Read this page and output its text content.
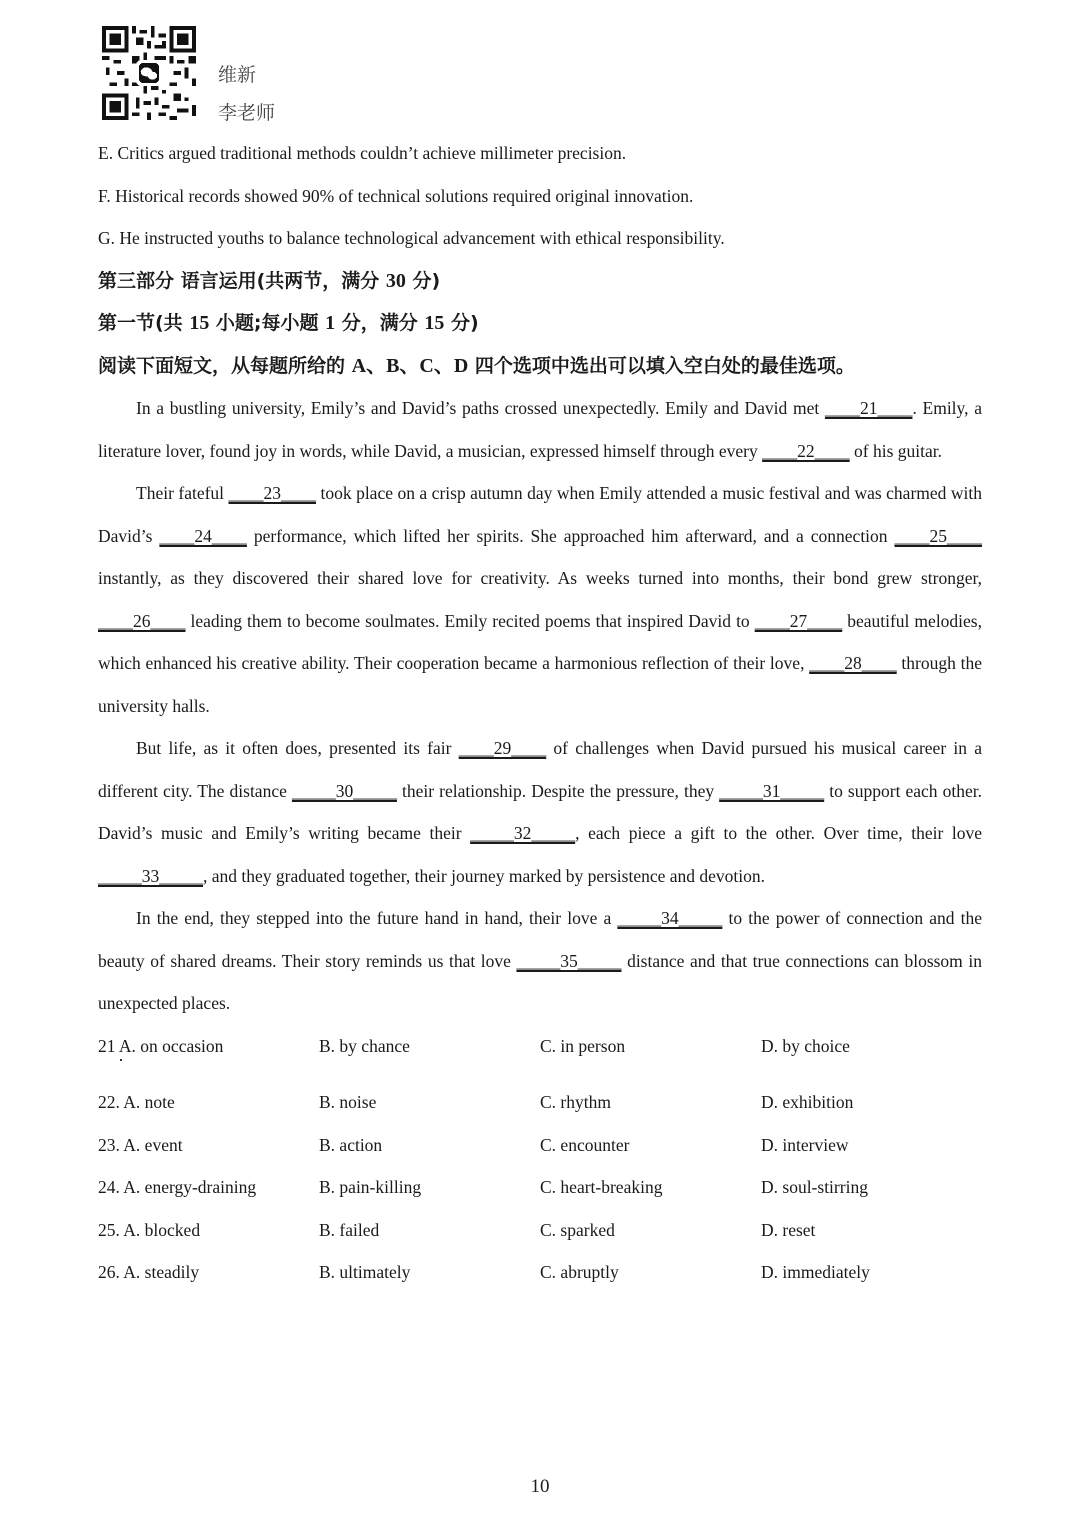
维新
李老师
E. Critics argued traditional methods couldn’t achieve millimeter precision.
F. Historical records showed 90% of technical solutions required original innovation.
G. He instructed youths to balance technological advancement with ethical responsibility.
第三部分 语言运用(共两节，满分 30 分)
第一节(共 15 小题;每小题 1 分，满分 15 分)
阅读下面短文，从每题所给的 A、B、C、D 四个选项中选出可以填入空白处的最佳选项。

In a bustling university, Emily’s and David’s paths crossed unexpectedly. Emily and David met ____21____. Emily, a literature lover, found joy in words, while David, a musician, expressed himself through every ____22____ of his guitar.

Their fateful ____23____ took place on a crisp autumn day when Emily attended a music festival and was charmed with David’s ____24____ performance, which lifted her spirits. She approached him afterward, and a connection ____25____ instantly, as they discovered their shared love for creativity. As weeks turned into months, their bond grew stronger, ____26____ leading them to become soulmates. Emily recited poems that inspired David to ____27____ beautiful melodies, which enhanced his creative ability. Their cooperation became a harmonious reflection of their love, ____28____ through the university halls.

But life, as it often does, presented its fair ____29____ of challenges when David pursued his musical career in a different city. The distance _____30_____ their relationship. Despite the pressure, they _____31_____ to support each other. David’s music and Emily’s writing became their _____32_____, each piece a gift to the other. Over time, their love _____33_____, and they graduated together, their journey marked by persistence and devotion.

In the end, they stepped into the future hand in hand, their love a _____34_____ to the power of connection and the beauty of shared dreams. Their story reminds us that love _____35_____ distance and that true connections can blossom in unexpected places.

21 A. on occasion	B. by chance	C. in person	D. by choice
22. A. note	B. noise	C. rhythm	D. exhibition
23. A. event	B. action	C. encounter	D. interview
24. A. energy-draining	B. pain-killing	C. heart-breaking	D. soul-stirring
25. A. blocked	B. failed	C. sparked	D. reset
26. A. steadily	B. ultimately	C. abruptly	D. immediately
10
